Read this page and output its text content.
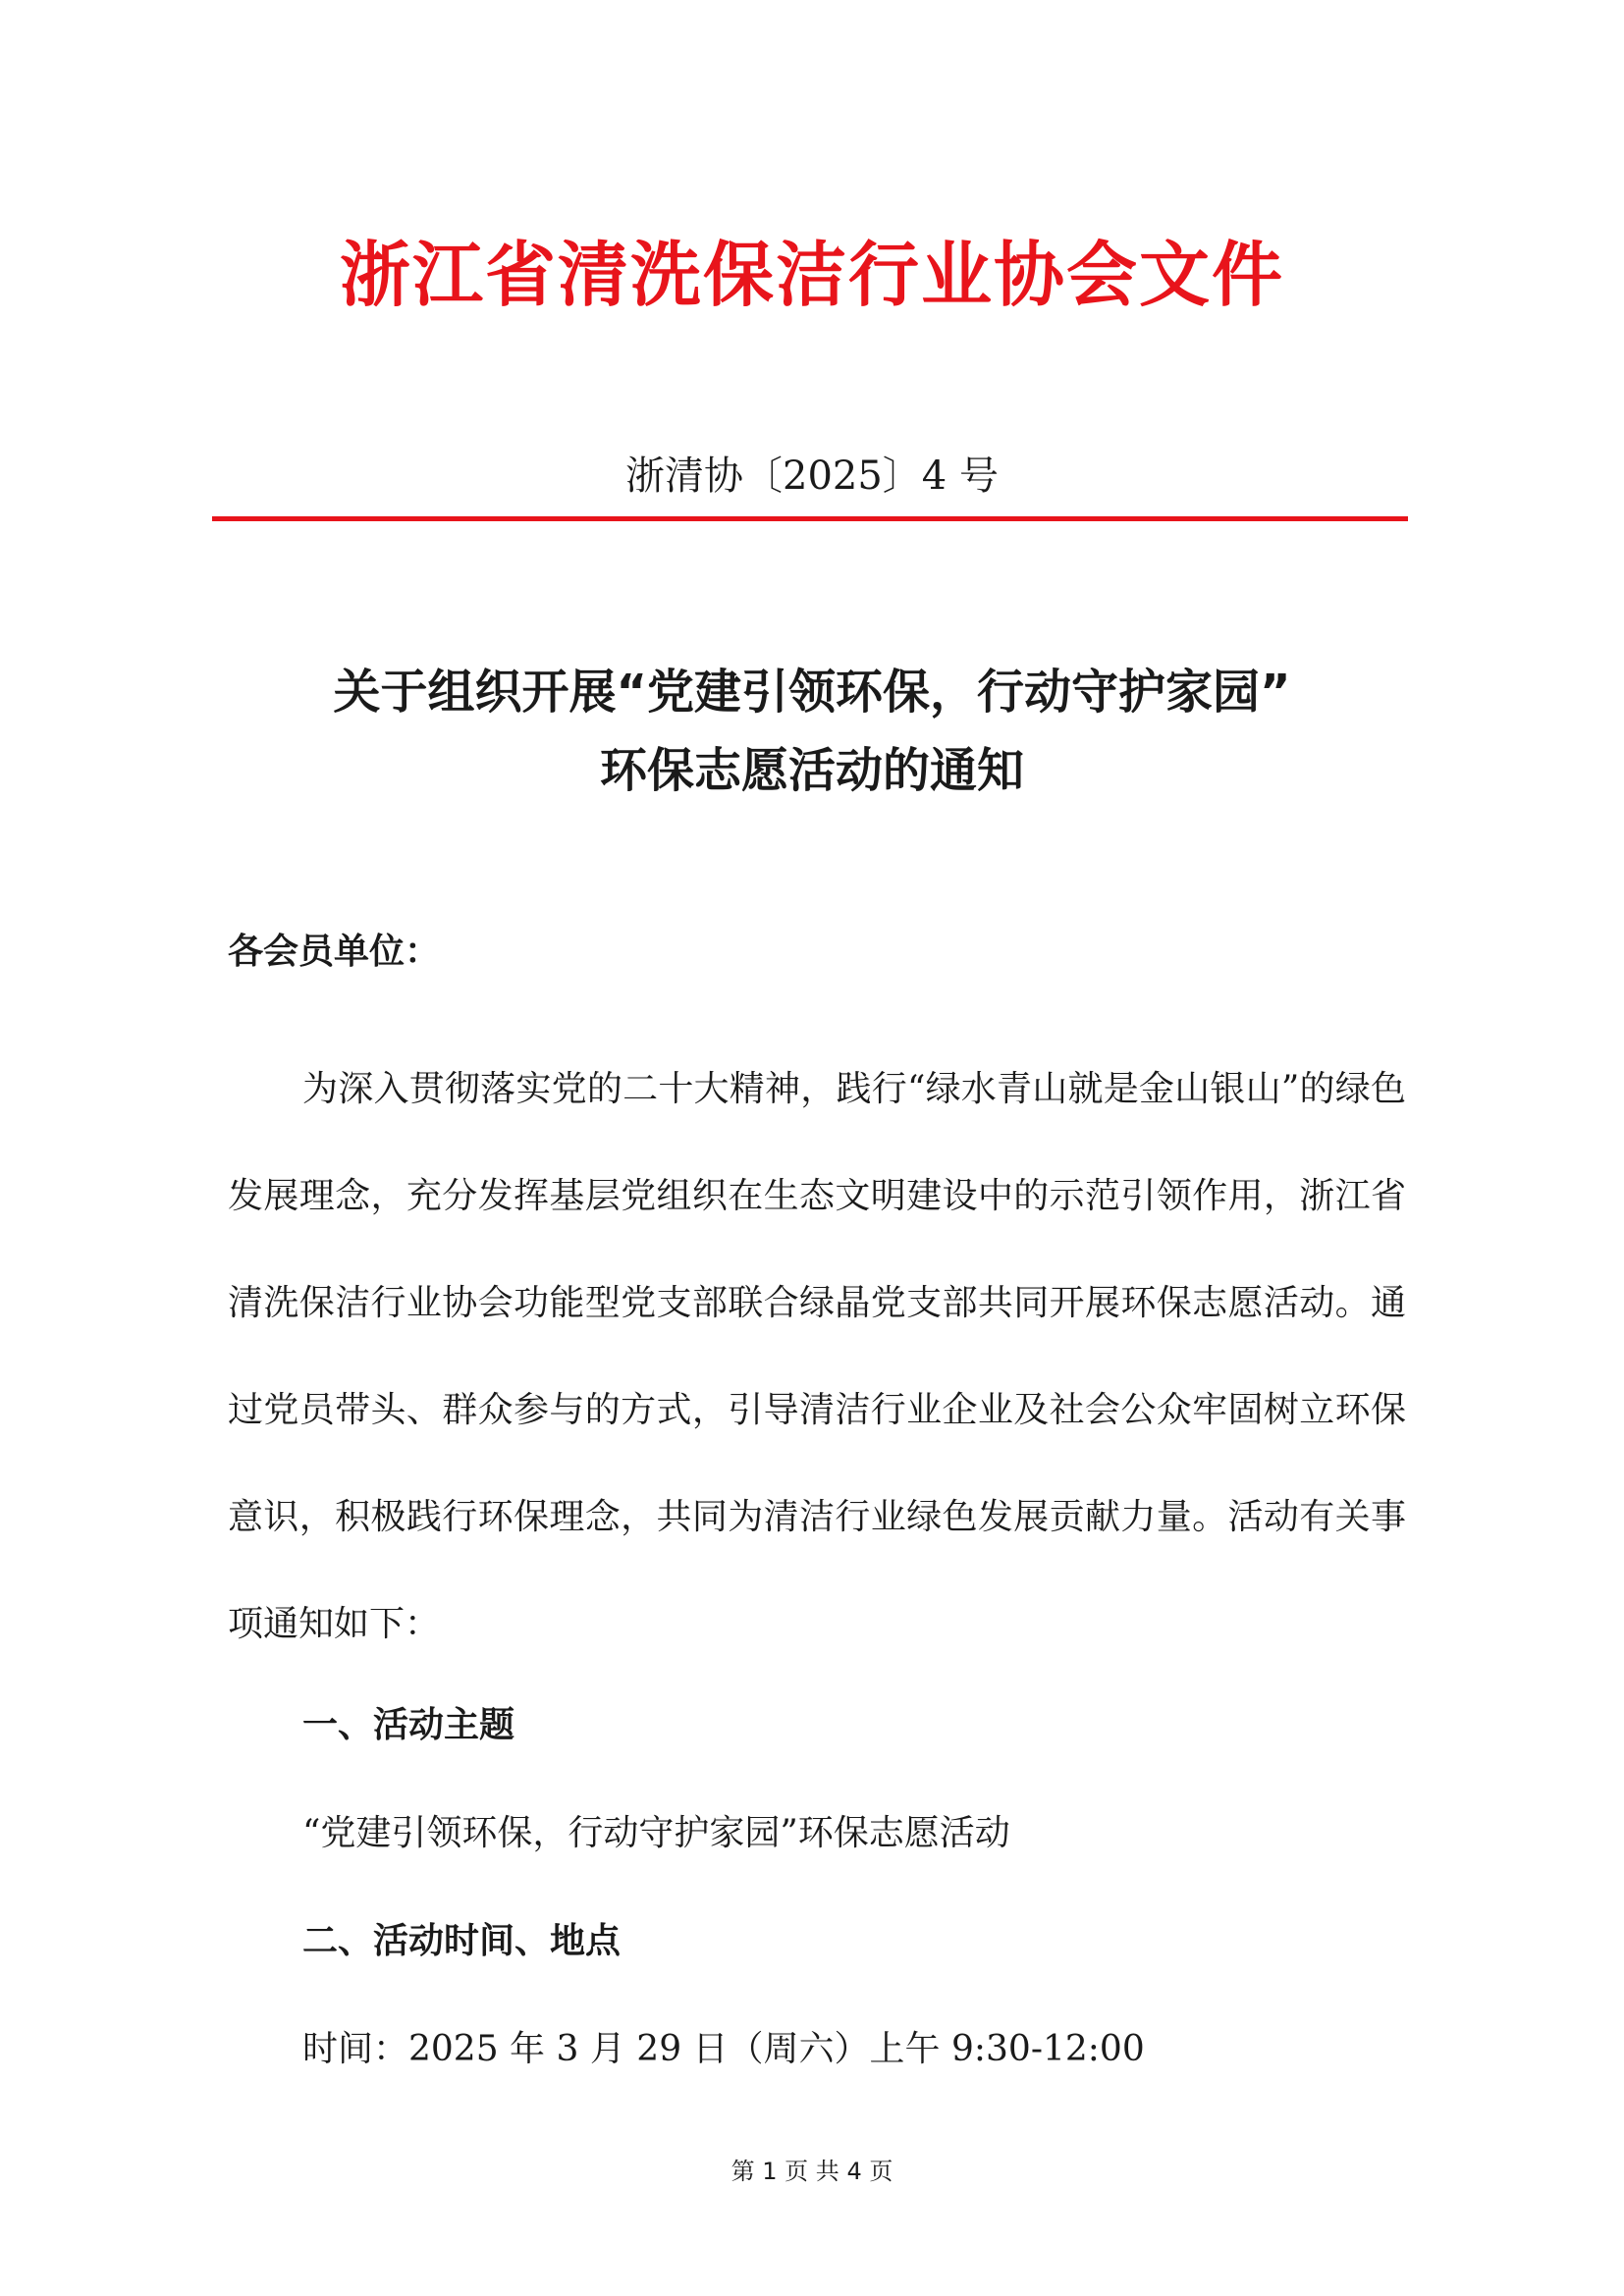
浙江省清洗保洁行业协会文件
浙清协〔2025〕4 号
关于组织开展“党建引领环保，行动守护家园”
环保志愿活动的通知
各会员单位：
为深入贯彻落实党的二十大精神，践行“绿水青山就是金山银山”的绿色发展理念，充分发挥基层党组织在生态文明建设中的示范引领作用，浙江省清洗保洁行业协会功能型党支部联合绿晶党支部共同开展环保志愿活动。通过党员带头、群众参与的方式，引导清洁行业企业及社会公众牢固树立环保意识，积极践行环保理念，共同为清洁行业绿色发展贡献力量。活动有关事项通知如下：
一、活动主题
“党建引领环保，行动守护家园”环保志愿活动
二、活动时间、地点
时间：2025 年 3 月 29 日（周六）上午 9:30-12:00
第 1 页 共 4 页
